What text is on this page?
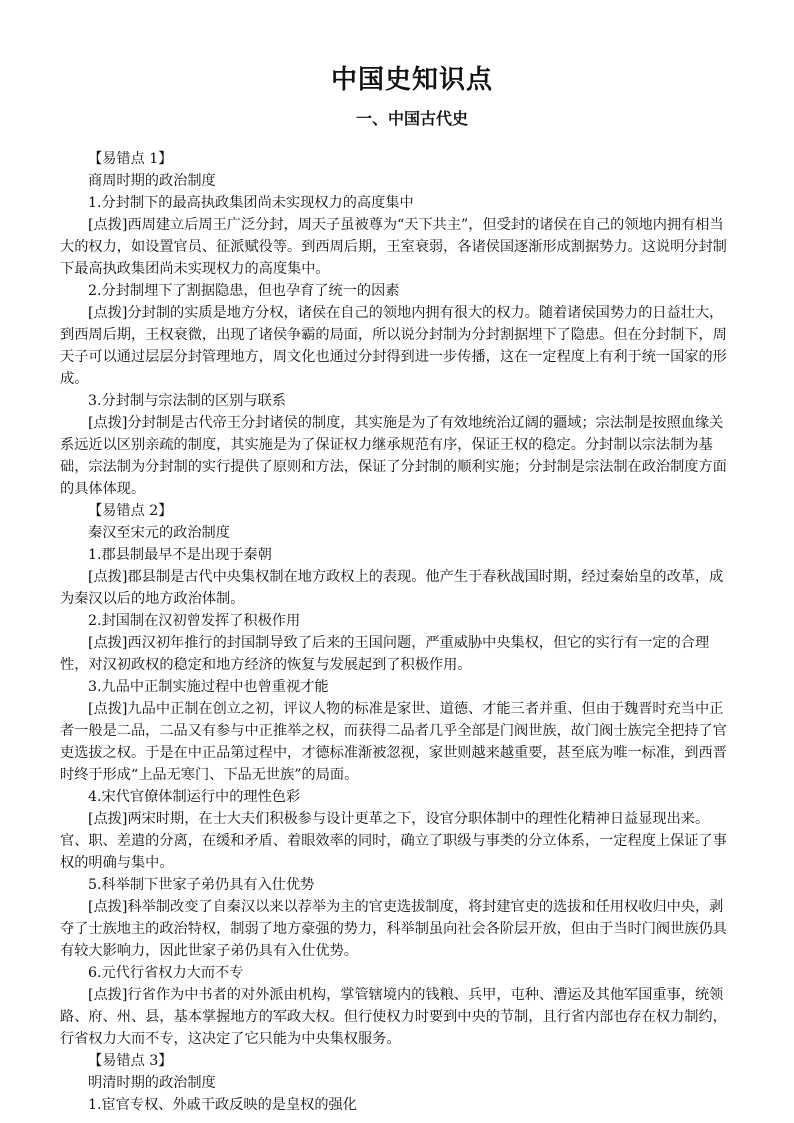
中国史知识点
一、中国古代史

【易错点 1】

商周时期的政治制度

1.分封制下的最高执政集团尚未实现权力的高度集中

[点拨]西周建立后周王广泛分封，周天子虽被尊为“天下共主”，但受封的诸侯在自己的领地内拥有相当大的权力，如设置官员、征派赋役等。到西周后期，王室衰弱，各诸侯国逐渐形成割据势力。这说明分封制下最高执政集团尚未实现权力的高度集中。

2.分封制埋下了割据隐患，但也孕育了统一的因素

[点拨]分封制的实质是地方分权，诸侯在自己的领地内拥有很大的权力。随着诸侯国势力的日益壮大，到西周后期，王权衰微，出现了诸侯争霸的局面，所以说分封制为分封割据埋下了隐患。但在分封制下，周天子可以通过层层分封管理地方，周文化也通过分封得到进一步传播，这在一定程度上有利于统一国家的形成。

3.分封制与宗法制的区别与联系

[点拨]分封制是古代帝王分封诸侯的制度，其实施是为了有效地统治辽阔的疆域；宗法制是按照血缘关系远近以区别亲疏的制度，其实施是为了保证权力继承规范有序，保证王权的稳定。分封制以宗法制为基础，宗法制为分封制的实行提供了原则和方法，保证了分封制的顺利实施；分封制是宗法制在政治制度方面的具体体现。

【易错点 2】

秦汉至宋元的政治制度

1.郡县制最早不是出现于秦朝

[点拨]郡县制是古代中央集权制在地方政权上的表现。他产生于春秋战国时期，经过秦始皇的改革，成为秦汉以后的地方政治体制。

2.封国制在汉初曾发挥了积极作用

[点拨]西汉初年推行的封国制导致了后来的王国问题，严重威胁中央集权，但它的实行有一定的合理性，对汉初政权的稳定和地方经济的恢复与发展起到了积极作用。

3.九品中正制实施过程中也曾重视才能

[点拨]九品中正制在创立之初，评议人物的标准是家世、道德、才能三者并重、但由于魏晋时充当中正者一般是二品，二品又有参与中正推举之权，而获得二品者几乎全部是门阀世族，故门阀士族完全把持了官吏选拔之权。于是在中正品第过程中，才德标准渐被忽视，家世则越来越重要，甚至底为唯一标准，到西晋时终于形成“上品无寒门、下品无世族”的局面。

4.宋代官僚体制运行中的理性色彩

[点拨]两宋时期，在士大夫们积极参与设计更革之下，设官分职体制中的理性化精神日益显现出来。官、职、差遣的分离，在缓和矛盾、着眼效率的同时，确立了职级与事类的分立体系，一定程度上保证了事权的明确与集中。

5.科举制下世家子弟仍具有入仕优势

[点拨]科举制改变了自秦汉以来以荐举为主的官吏选拔制度，将封建官吏的选拔和任用权收归中央，剥夺了士族地主的政治特权，制弱了地方豪强的势力，科举制虽向社会各阶层开放，但由于当时门阀世族仍具有较大影响力，因此世家子弟仍具有入仕优势。

6.元代行省权力大而不专

[点拨]行省作为中书者的对外派由机构，掌管辖境内的钱粮、兵甲，屯种、漕运及其他军国重事，统领路、府、州、县，基本掌握地方的军政大权。但行使权力时要到中央的节制，且行省内部也存在权力制约，行省权力大而不专，这决定了它只能为中央集权服务。

【易错点 3】

明清时期的政治制度

1.宦官专权、外戚干政反映的是皇权的强化
